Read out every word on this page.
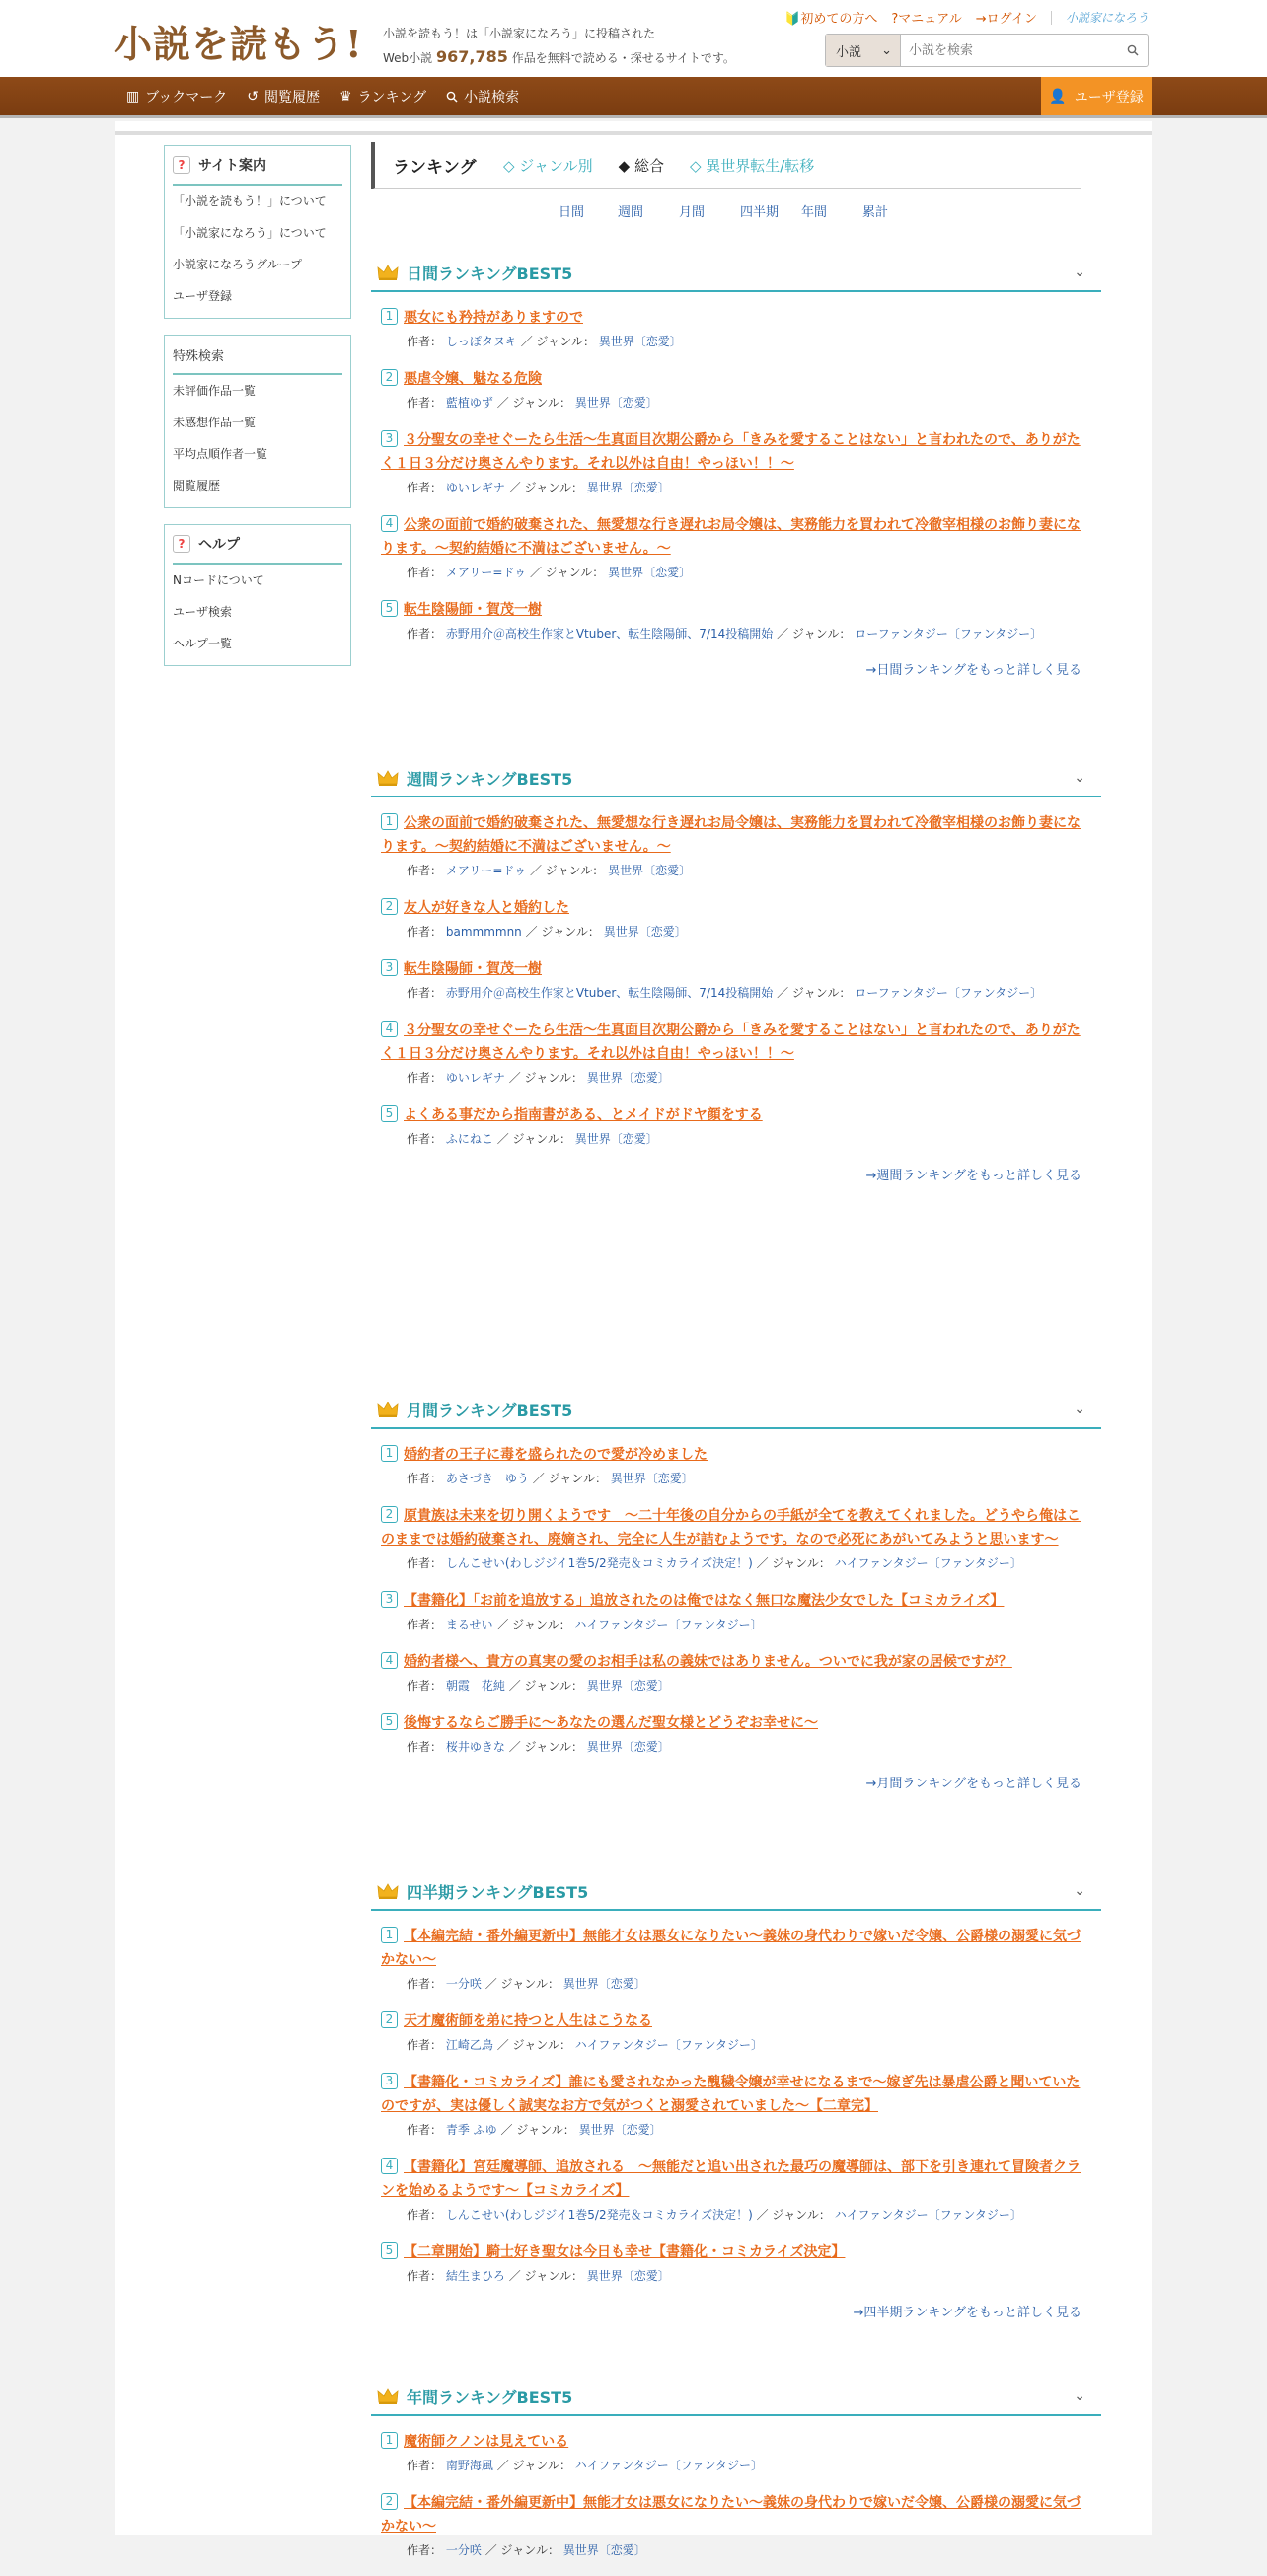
小説を読もう! 小説を読もう！は「小説家になろう」に投稿された
Web小説 967,785 作品を無料で読める・探せるサイトです。
🔰初めての方へ ?マニュアル →ログイン 小説家になろう
小説 ⌄
小説を検索
▥ ブックマーク ↺ 閲覧履歴 ♛ ランキング	小説検索	👤 ユーザ登録
? サイト案内
「小説を読もう！」について
「小説家になろう」について
小説家になろうグループ
ユーザ登録
特殊検索
未評価作品一覧
未感想作品一覧
平均点順作者一覧
閲覧履歴
? ヘルプ
Nコードについて
ユーザ検索
ヘルプ一覧
ランキング	◇ ジャンル別 ◆ 総合 ◇ 異世界転生/転移
日間	週間	月間	四半期	年間	累計
日間ランキングBEST5	⌄
1 悪女にも矜持がありますので
作者： しっぽタヌキ ／ ジャンル： 異世界〔恋愛〕
2 悪虐令嬢、魅なる危険
作者： 藍植ゆず ／ ジャンル： 異世界〔恋愛〕
3 ３分聖女の幸せぐーたら生活〜生真面目次期公爵から「きみを愛することはない」と言われたので、ありがたく１日３分だけ奥さんやります。それ以外は自由！やっほい！！〜
作者： ゆいレギナ ／ ジャンル： 異世界〔恋愛〕
4 公衆の面前で婚約破棄された、無愛想な行き遅れお局令嬢は、実務能力を買われて冷徹宰相様のお飾り妻になります。〜契約結婚に不満はございません。〜
作者： メアリー=ドゥ ／ ジャンル： 異世界〔恋愛〕
5 転生陰陽師・賀茂一樹
作者： 赤野用介＠高校生作家とVtuber、転生陰陽師、7/14投稿開始 ／ ジャンル： ローファンタジー〔ファンタジー〕
→日間ランキングをもっと詳しく見る
週間ランキングBEST5	⌄
1 公衆の面前で婚約破棄された、無愛想な行き遅れお局令嬢は、実務能力を買われて冷徹宰相様のお飾り妻になります。〜契約結婚に不満はございません。〜
作者： メアリー=ドゥ ／ ジャンル： 異世界〔恋愛〕
2 友人が好きな人と婚約した
作者： bammmmnn ／ ジャンル： 異世界〔恋愛〕
3 転生陰陽師・賀茂一樹
作者： 赤野用介＠高校生作家とVtuber、転生陰陽師、7/14投稿開始 ／ ジャンル： ローファンタジー〔ファンタジー〕
4 ３分聖女の幸せぐーたら生活〜生真面目次期公爵から「きみを愛することはない」と言われたので、ありがたく１日３分だけ奥さんやります。それ以外は自由！やっほい！！〜
作者： ゆいレギナ ／ ジャンル： 異世界〔恋愛〕
5 よくある事だから指南書がある、とメイドがドヤ顔をする
作者： ふにねこ ／ ジャンル： 異世界〔恋愛〕
→週間ランキングをもっと詳しく見る
月間ランキングBEST5	⌄
1 婚約者の王子に毒を盛られたので愛が冷めました
作者： あさづき　ゆう ／ ジャンル： 異世界〔恋愛〕
2 原貴族は未来を切り開くようです　〜二十年後の自分からの手紙が全てを教えてくれました。どうやら俺はこのままでは婚約破棄され、廃嫡され、完全に人生が詰むようです。なので必死にあがいてみようと思います〜
作者： しんこせい(わしジジイ1巻5/2発売＆コミカライズ決定！) ／ ジャンル： ハイファンタジー〔ファンタジー〕
3 【書籍化】「お前を追放する」追放されたのは俺ではなく無口な魔法少女でした【コミカライズ】
作者： まるせい ／ ジャンル： ハイファンタジー〔ファンタジー〕
4 婚約者様へ、貴方の真実の愛のお相手は私の義妹ではありません。ついでに我が家の居候ですが？
作者： 朝霞　花純 ／ ジャンル： 異世界〔恋愛〕
5 後悔するならご勝手に～あなたの選んだ聖女様とどうぞお幸せに～
作者： 桜井ゆきな ／ ジャンル： 異世界〔恋愛〕
→月間ランキングをもっと詳しく見る
四半期ランキングBEST5	⌄
1 【本編完結・番外編更新中】無能才女は悪女になりたい～義妹の身代わりで嫁いだ令嬢、公爵様の溺愛に気づかない～
作者： 一分咲 ／ ジャンル： 異世界〔恋愛〕
2 天才魔術師を弟に持つと人生はこうなる
作者： 江崎乙鳥 ／ ジャンル： ハイファンタジー〔ファンタジー〕
3 【書籍化・コミカライズ】誰にも愛されなかった醜穢令嬢が幸せになるまで〜嫁ぎ先は暴虐公爵と聞いていたのですが、実は優しく誠実なお方で気がつくと溺愛されていました〜【二章完】
作者： 青季 ふゆ ／ ジャンル： 異世界〔恋愛〕
4 【書籍化】宮廷魔導師、追放される　〜無能だと追い出された最巧の魔導師は、部下を引き連れて冒険者クランを始めるようです〜【コミカライズ】
作者： しんこせい(わしジジイ1巻5/2発売＆コミカライズ決定！) ／ ジャンル： ハイファンタジー〔ファンタジー〕
5 【二章開始】騎士好き聖女は今日も幸せ【書籍化・コミカライズ決定】
作者： 結生まひろ ／ ジャンル： 異世界〔恋愛〕
→四半期ランキングをもっと詳しく見る
年間ランキングBEST5	⌄
1 魔術師クノンは見えている
作者： 南野海風 ／ ジャンル： ハイファンタジー〔ファンタジー〕
2 【本編完結・番外編更新中】無能才女は悪女になりたい～義妹の身代わりで嫁いだ令嬢、公爵様の溺愛に気づかない～
作者： 一分咲 ／ ジャンル： 異世界〔恋愛〕
